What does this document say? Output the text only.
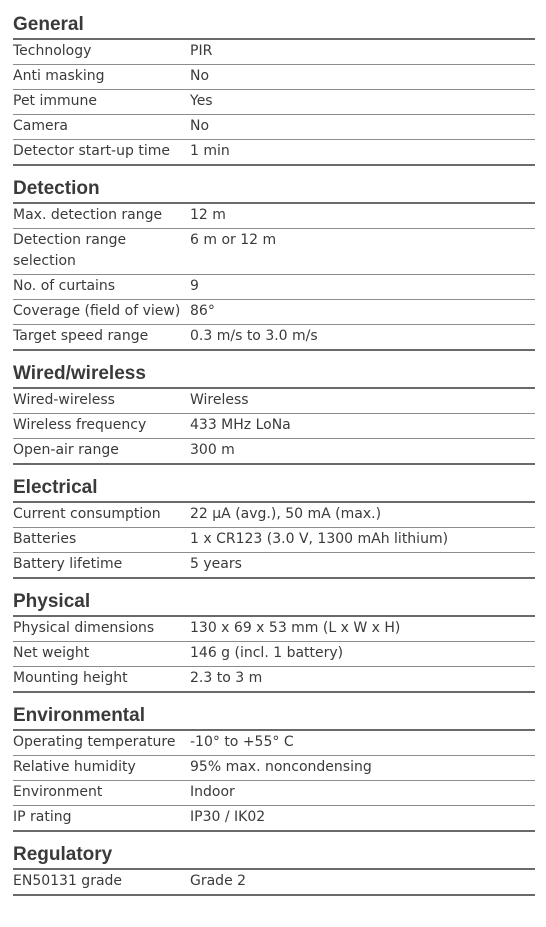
General
Technology	PIR
Anti masking	No
Pet immune	Yes
Camera	No
Detector start-up time	1 min
Detection
Max. detection range	12 m
Detection range selection	6 m or 12 m
No. of curtains	9
Coverage (field of view)	86°
Target speed range	0.3 m/s to 3.0 m/s
Wired/wireless
Wired-wireless	Wireless
Wireless frequency	433 MHz LoNa
Open-air range	300 m
Electrical
Current consumption	22 µA (avg.), 50 mA (max.)
Batteries	1 x CR123 (3.0 V, 1300 mAh lithium)
Battery lifetime	5 years
Physical
Physical dimensions	130 x 69 x 53 mm (L x W x H)
Net weight	146 g (incl. 1 battery)
Mounting height	2.3 to 3 m
Environmental
Operating temperature	-10° to +55° C
Relative humidity	95% max. noncondensing
Environment	Indoor
IP rating	IP30 / IK02
Regulatory
EN50131 grade	Grade 2
